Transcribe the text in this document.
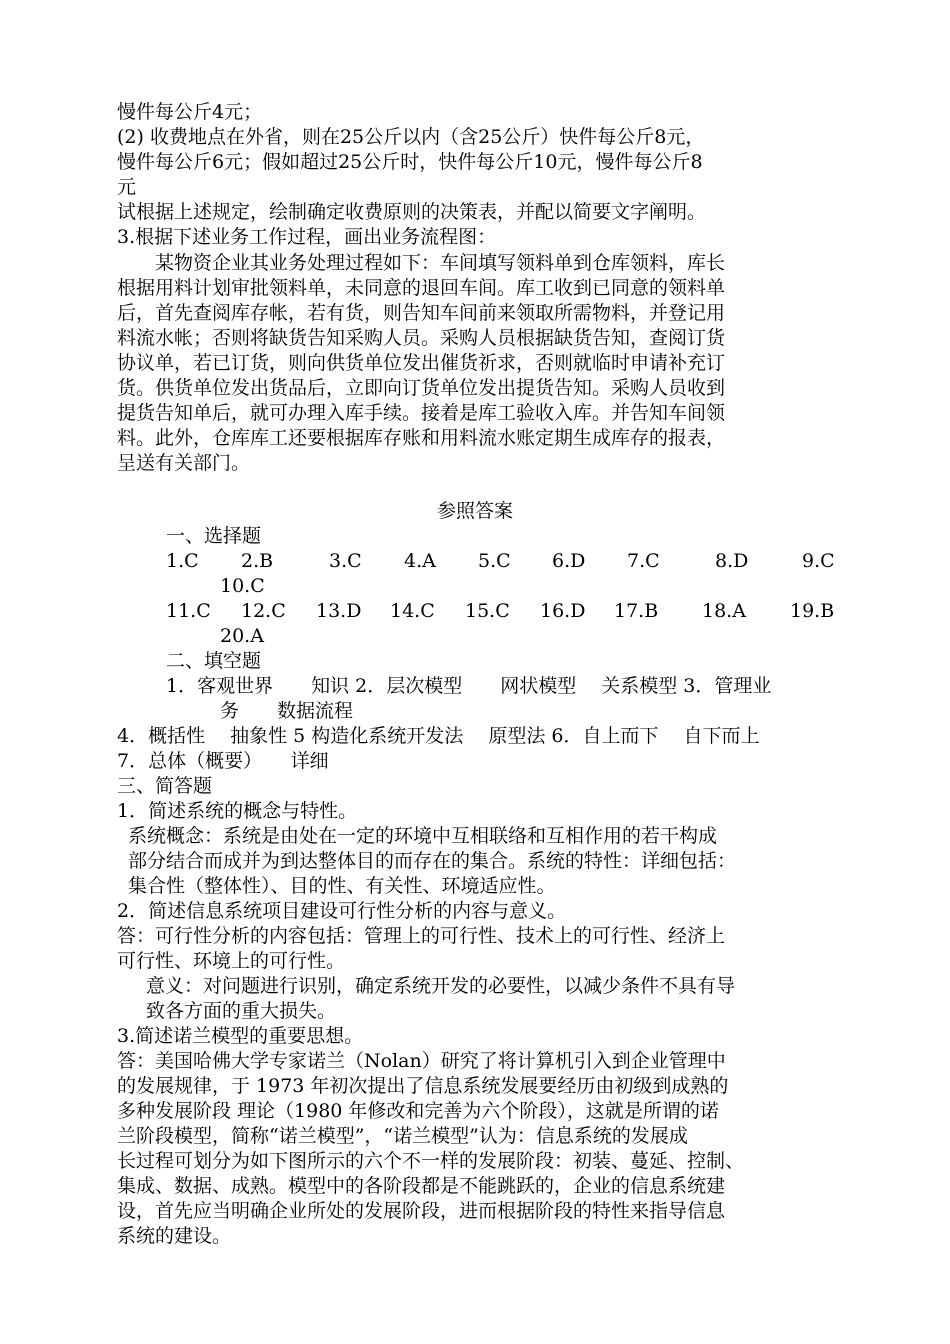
慢件每公斤4元；
(2) 收费地点在外省，则在25公斤以内（含25公斤）快件每公斤8元，
慢件每公斤6元；假如超过25公斤时，快件每公斤10元，慢件每公斤8
元
试根据上述规定，绘制确定收费原则的决策表，并配以简要文字阐明。
3.根据下述业务工作过程，画出业务流程图：
　　某物资企业其业务处理过程如下：车间填写领料单到仓库领料，库长
根据用料计划审批领料单，未同意的退回车间。库工收到已同意的领料单
后，首先查阅库存帐，若有货，则告知车间前来领取所需物料，并登记用
料流水帐；否则将缺货告知采购人员。采购人员根据缺货告知，查阅订货
协议单，若已订货，则向供货单位发出催货祈求，否则就临时申请补充订
货。供货单位发出货品后，立即向订货单位发出提货告知。采购人员收到
提货告知单后，就可办理入库手续。接着是库工验收入库。并告知车间领
料。此外，仓库库工还要根据库存账和用料流水账定期生成库存的报表，
呈送有关部门。
参照答案
一、选择题
1.C 2.B	3.C 4.A 5.C 6.D 7.C	8.D	9.C
10.C
11.C 12.C 13.D 14.C 15.C 16.D 17.B 18.A 19.B
20.A
二、填空题
1．客观世界　　知识 2．层次模型　　网状模型　 关系模型 3．管理业
务　　数据流程
4．概括性　 抽象性 5 构造化系统开发法　 原型法 6．自上而下　 自下而上
7．总体（概要）　　详细
三、简答题
1．简述系统的概念与特性。
系统概念：系统是由处在一定的环境中互相联络和互相作用的若干构成
部分结合而成并为到达整体目的而存在的集合。系统的特性：详细包括：
集合性（整体性）、目的性、有关性、环境适应性。
2．简述信息系统项目建设可行性分析的内容与意义。
答：可行性分析的内容包括：管理上的可行性、技术上的可行性、经济上
可行性、环境上的可行性。
意义：对问题进行识别，确定系统开发的必要性，以减少条件不具有导
致各方面的重大损失。
3.简述诺兰模型的重要思想。
答：美国哈佛大学专家诺兰（Nolan）研究了将计算机引入到企业管理中
的发展规律，于 1973 年初次提出了信息系统发展要经历由初级到成熟的
多种发展阶段 理论（1980 年修改和完善为六个阶段），这就是所谓的诺
兰阶段模型，简称“诺兰模型”，“诺兰模型”认为：信息系统的发展成
长过程可划分为如下图所示的六个不一样的发展阶段：初装、蔓延、控制、
集成、数据、成熟。模型中的各阶段都是不能跳跃的，企业的信息系统建
设，首先应当明确企业所处的发展阶段，进而根据阶段的特性来指导信息
系统的建设。
